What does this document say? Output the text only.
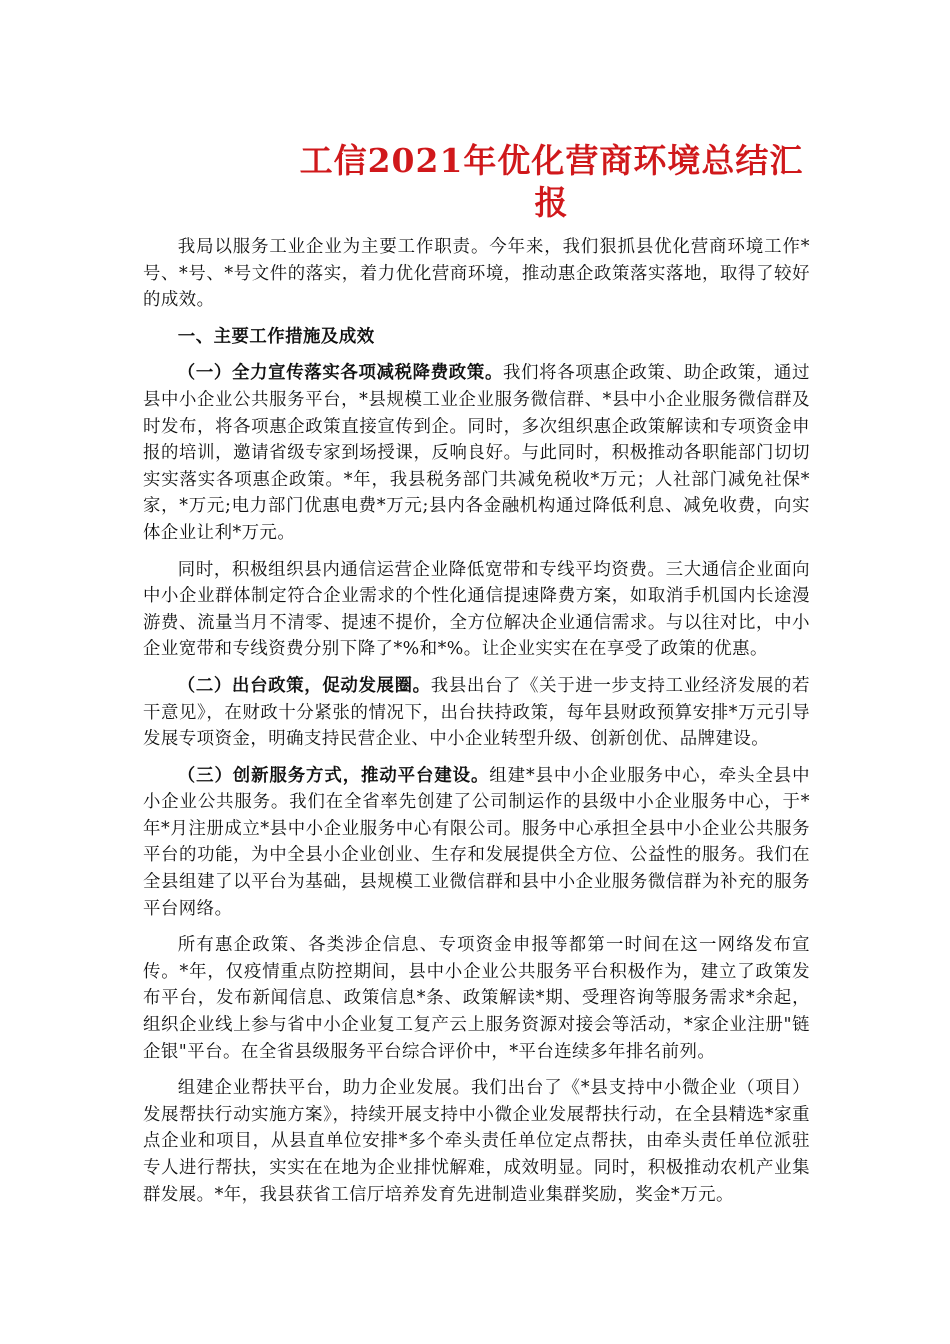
工信2021年优化营商环境总结汇报

我局以服务工业企业为主要工作职责。今年来，我们狠抓县优化营商环境工作*号、*号、*号文件的落实，着力优化营商环境，推动惠企政策落实落地，取得了较好的成效。

一、主要工作措施及成效

（一）全力宣传落实各项减税降费政策。我们将各项惠企政策、助企政策，通过县中小企业公共服务平台，*县规模工业企业服务微信群、*县中小企业服务微信群及时发布，将各项惠企政策直接宣传到企。同时，多次组织惠企政策解读和专项资金申报的培训，邀请省级专家到场授课，反响良好。与此同时，积极推动各职能部门切切实实落实各项惠企政策。*年，我县税务部门共减免税收*万元；人社部门减免社保*家，*万元;电力部门优惠电费*万元;县内各金融机构通过降低利息、减免收费，向实体企业让利*万元。

同时，积极组织县内通信运营企业降低宽带和专线平均资费。三大通信企业面向中小企业群体制定符合企业需求的个性化通信提速降费方案，如取消手机国内长途漫游费、流量当月不清零、提速不提价，全方位解决企业通信需求。与以往对比，中小企业宽带和专线资费分别下降了*%和*%。让企业实实在在享受了政策的优惠。

（二）出台政策，促动发展圈。我县出台了《关于进一步支持工业经济发展的若干意见》，在财政十分紧张的情况下，出台扶持政策，每年县财政预算安排*万元引导发展专项资金，明确支持民营企业、中小企业转型升级、创新创优、品牌建设。

（三）创新服务方式，推动平台建设。组建*县中小企业服务中心，牵头全县中小企业公共服务。我们在全省率先创建了公司制运作的县级中小企业服务中心，于*年*月注册成立*县中小企业服务中心有限公司。服务中心承担全县中小企业公共服务平台的功能，为中全县小企业创业、生存和发展提供全方位、公益性的服务。我们在全县组建了以平台为基础，县规模工业微信群和县中小企业服务微信群为补充的服务平台网络。

所有惠企政策、各类涉企信息、专项资金申报等都第一时间在这一网络发布宣传。*年，仅疫情重点防控期间，县中小企业公共服务平台积极作为，建立了政策发布平台，发布新闻信息、政策信息*条、政策解读*期、受理咨询等服务需求*余起，组织企业线上参与省中小企业复工复产云上服务资源对接会等活动，*家企业注册"链企银"平台。在全省县级服务平台综合评价中，*平台连续多年排名前列。

组建企业帮扶平台，助力企业发展。我们出台了《*县支持中小微企业（项目）发展帮扶行动实施方案》，持续开展支持中小微企业发展帮扶行动，在全县精选*家重点企业和项目，从县直单位安排*多个牵头责任单位定点帮扶，由牵头责任单位派驻专人进行帮扶，实实在在地为企业排忧解难，成效明显。同时，积极推动农机产业集群发展。*年，我县获省工信厅培养发育先进制造业集群奖励，奖金*万元。
